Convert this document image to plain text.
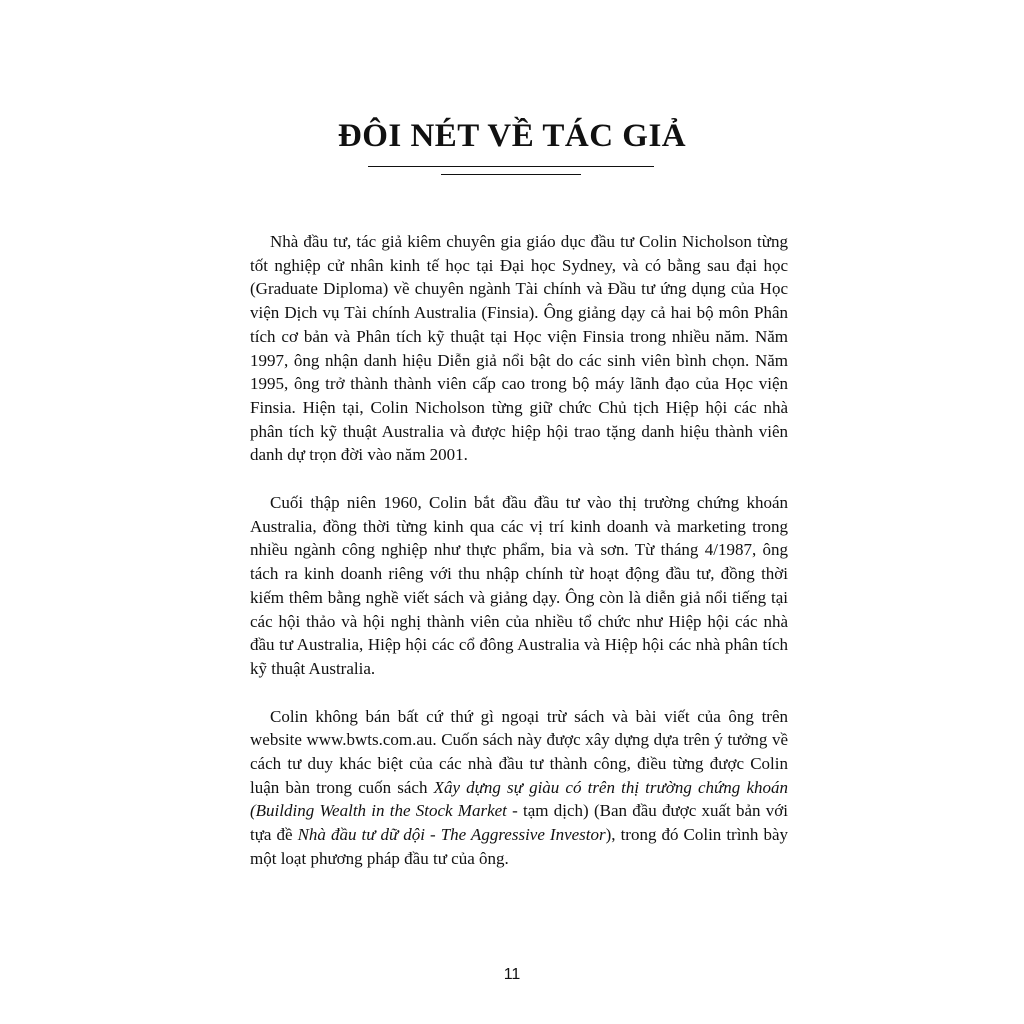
ĐÔI NÉT VỀ TÁC GIẢ

Nhà đầu tư, tác giả kiêm chuyên gia giáo dục đầu tư Colin Nicholson từng tốt nghiệp cử nhân kinh tế học tại Đại học Sydney, và có bằng sau đại học (Graduate Diploma) về chuyên ngành Tài chính và Đầu tư ứng dụng của Học viện Dịch vụ Tài chính Australia (Finsia). Ông giảng dạy cả hai bộ môn Phân tích cơ bản và Phân tích kỹ thuật tại Học viện Finsia trong nhiều năm. Năm 1997, ông nhận danh hiệu Diễn giả nổi bật do các sinh viên bình chọn. Năm 1995, ông trở thành thành viên cấp cao trong bộ máy lãnh đạo của Học viện Finsia. Hiện tại, Colin Nicholson từng giữ chức Chủ tịch Hiệp hội các nhà phân tích kỹ thuật Australia và được hiệp hội trao tặng danh hiệu thành viên danh dự trọn đời vào năm 2001.

Cuối thập niên 1960, Colin bắt đầu đầu tư vào thị trường chứng khoán Australia, đồng thời từng kinh qua các vị trí kinh doanh và marketing trong nhiều ngành công nghiệp như thực phẩm, bia và sơn. Từ tháng 4/1987, ông tách ra kinh doanh riêng với thu nhập chính từ hoạt động đầu tư, đồng thời kiếm thêm bằng nghề viết sách và giảng dạy. Ông còn là diễn giả nổi tiếng tại các hội thảo và hội nghị thành viên của nhiều tổ chức như Hiệp hội các nhà đầu tư Australia, Hiệp hội các cổ đông Australia và Hiệp hội các nhà phân tích kỹ thuật Australia.

Colin không bán bất cứ thứ gì ngoại trừ sách và bài viết của ông trên website www.bwts.com.au. Cuốn sách này được xây dựng dựa trên ý tưởng về cách tư duy khác biệt của các nhà đầu tư thành công, điều từng được Colin luận bàn trong cuốn sách Xây dựng sự giàu có trên thị trường chứng khoán (Building Wealth in the Stock Market - tạm dịch) (Ban đầu được xuất bản với tựa đề Nhà đầu tư dữ dội - The Aggressive Investor), trong đó Colin trình bày một loạt phương pháp đầu tư của ông.

11
